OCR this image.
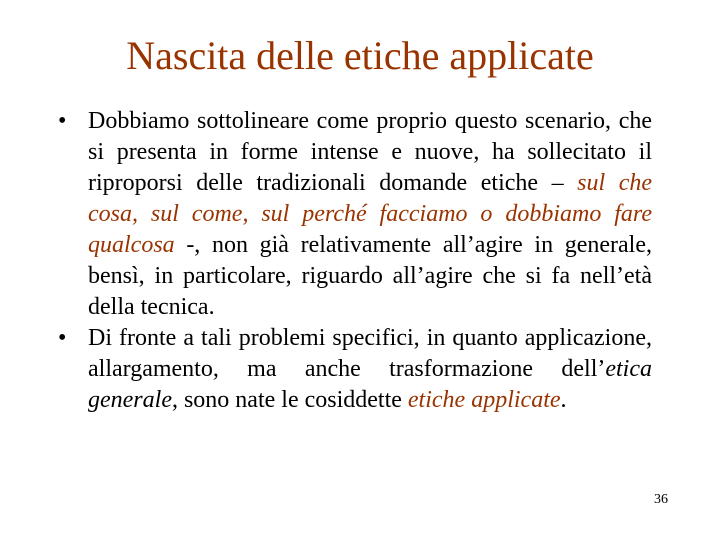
Nascita delle etiche applicate
• Dobbiamo sottolineare come proprio questo scenario, che si presenta in forme intense e nuove, ha sollecitato il riproporsi delle tradizionali domande etiche – sul che cosa, sul come, sul perché facciamo o dobbiamo fare qualcosa -, non già relativamente all’agire in generale, bensì, in particolare, riguardo all’agire che si fa nell’età della tecnica.
• Di fronte a tali problemi specifici, in quanto applicazione, allargamento, ma anche trasformazione dell’etica generale, sono nate le cosiddette etiche applicate.
36
